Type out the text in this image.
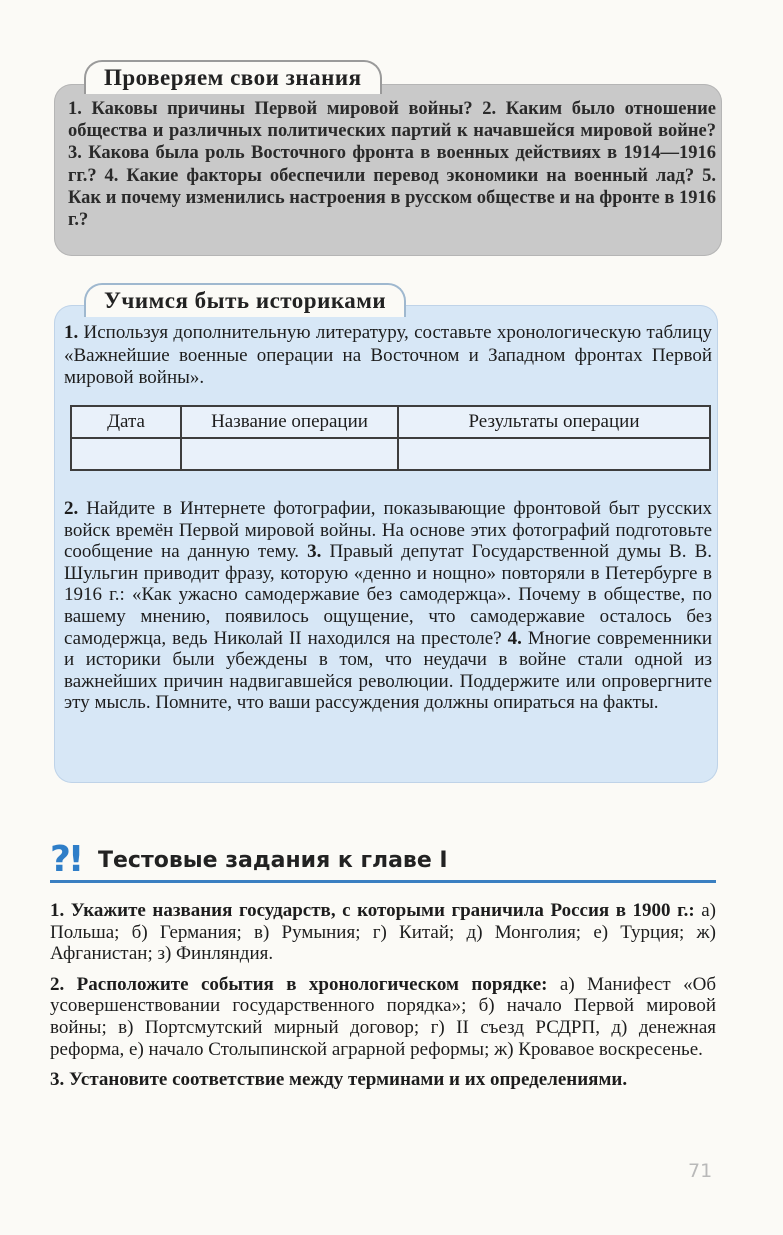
Проверяем свои знания
1. Каковы причины Первой мировой войны? 2. Каким было отношение общества и различных политических партий к начавшейся мировой войне? 3. Какова была роль Восточного фронта в военных действиях в 1914—1916 гг.? 4. Какие факторы обеспечили перевод экономики на военный лад? 5. Как и почему изменились настроения в русском обществе и на фронте в 1916 г.?
Учимся быть историками
1. Используя дополнительную литературу, составьте хронологическую таблицу «Важнейшие военные операции на Восточном и Западном фронтах Первой мировой войны».
Дата	Название операции	Результаты операции

2. Найдите в Интернете фотографии, показывающие фронтовой быт русских войск времён Первой мировой войны. На основе этих фотографий подготовьте сообщение на данную тему. 3. Правый депутат Государственной думы В. В. Шульгин приводит фразу, которую «денно и нощно» повторяли в Петербурге в 1916 г.: «Как ужасно самодержавие без самодержца». Почему в обществе, по вашему мнению, появилось ощущение, что самодержавие осталось без самодержца, ведь Николай II находился на престоле? 4. Многие современники и историки были убеждены в том, что неудачи в войне стали одной из важнейших причин надвигавшейся революции. Поддержите или опровергните эту мысль. Помните, что ваши рассуждения должны опираться на факты.
?! Тестовые задания к главе I

1. Укажите названия государств, с которыми граничила Россия в 1900 г.: а) Польша; б) Германия; в) Румыния; г) Китай; д) Монголия; е) Турция; ж) Афганистан; з) Финляндия.

2. Расположите события в хронологическом порядке: а) Манифест «Об усовершенствовании государственного порядка»; б) начало Первой мировой войны; в) Портсмутский мирный договор; г) II съезд РСДРП, д) денежная реформа, е) начало Столыпинской аграрной реформы; ж) Кровавое воскресенье.

3. Установите соответствие между терминами и их определениями.

71
